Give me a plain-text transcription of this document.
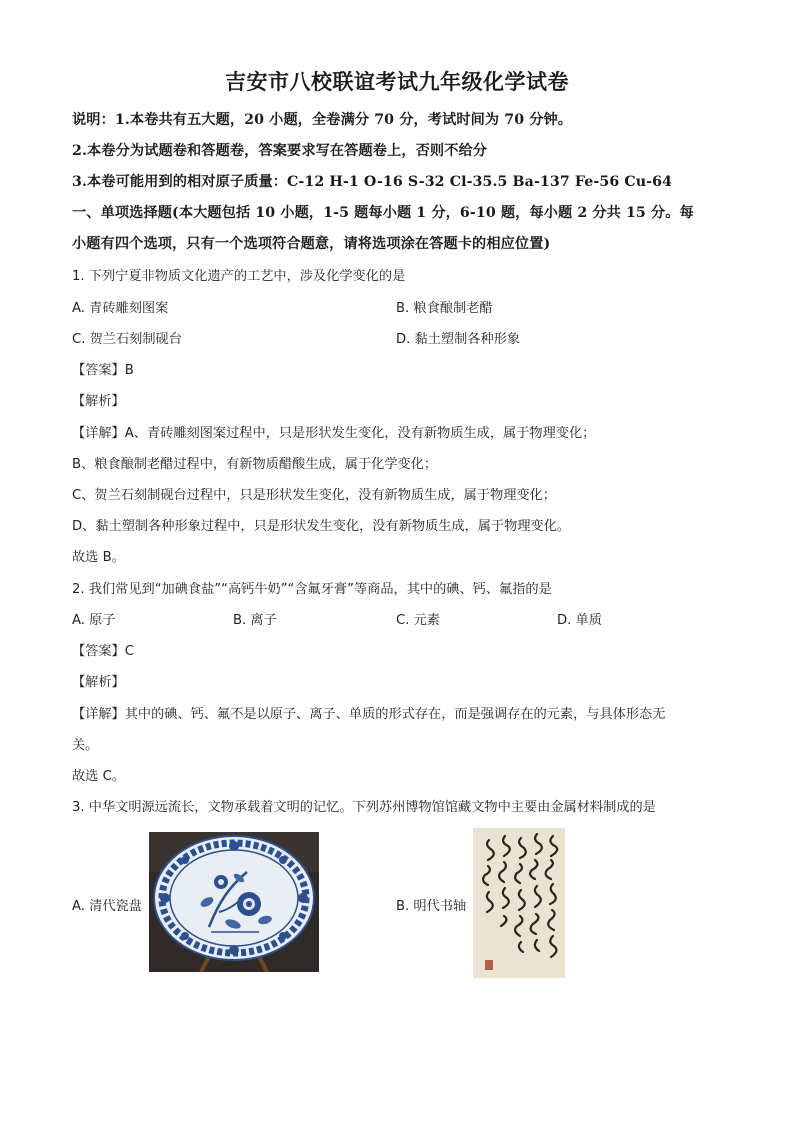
吉安市八校联谊考试九年级化学试卷
说明：1.本卷共有五大题，20 小题，全卷满分 70 分，考试时间为 70 分钟。
2.本卷分为试题卷和答题卷，答案要求写在答题卷上，否则不给分
3.本卷可能用到的相对原子质量：C-12 H-1 O-16 S-32 Cl-35.5 Ba-137 Fe-56 Cu-64
一、单项选择题(本大题包括 10 小题，1-5 题每小题 1 分，6-10 题，每小题 2 分共 15 分。每
小题有四个选项，只有一个选项符合题意，请将选项涂在答题卡的相应位置)
1. 下列宁夏非物质文化遗产的工艺中，涉及化学变化的是
A. 青砖雕刻图案	B. 粮食酿制老醋
C. 贺兰石刻制砚台	D. 黏土塑制各种形象
【答案】B
【解析】
【详解】A、青砖雕刻图案过程中，只是形状发生变化，没有新物质生成，属于物理变化；
B、粮食酿制老醋过程中，有新物质醋酸生成，属于化学变化；
C、贺兰石刻制砚台过程中，只是形状发生变化，没有新物质生成，属于物理变化；
D、黏土塑制各种形象过程中，只是形状发生变化，没有新物质生成，属于物理变化。
故选 B。
2. 我们常见到“加碘食盐”“高钙牛奶”“含氟牙膏”等商品，其中的碘、钙、氟指的是
A. 原子	B. 离子	C. 元素	D. 单质
【答案】C
【解析】
【详解】其中的碘、钙、氟不是以原子、离子、单质的形式存在，而是强调存在的元素，与具体形态无
关。
故选 C。
3. 中华文明源远流长，文物承载着文明的记忆。下列苏州博物馆馆藏文物中主要由金属材料制成的是
A. 清代瓷盘	B. 明代书轴
